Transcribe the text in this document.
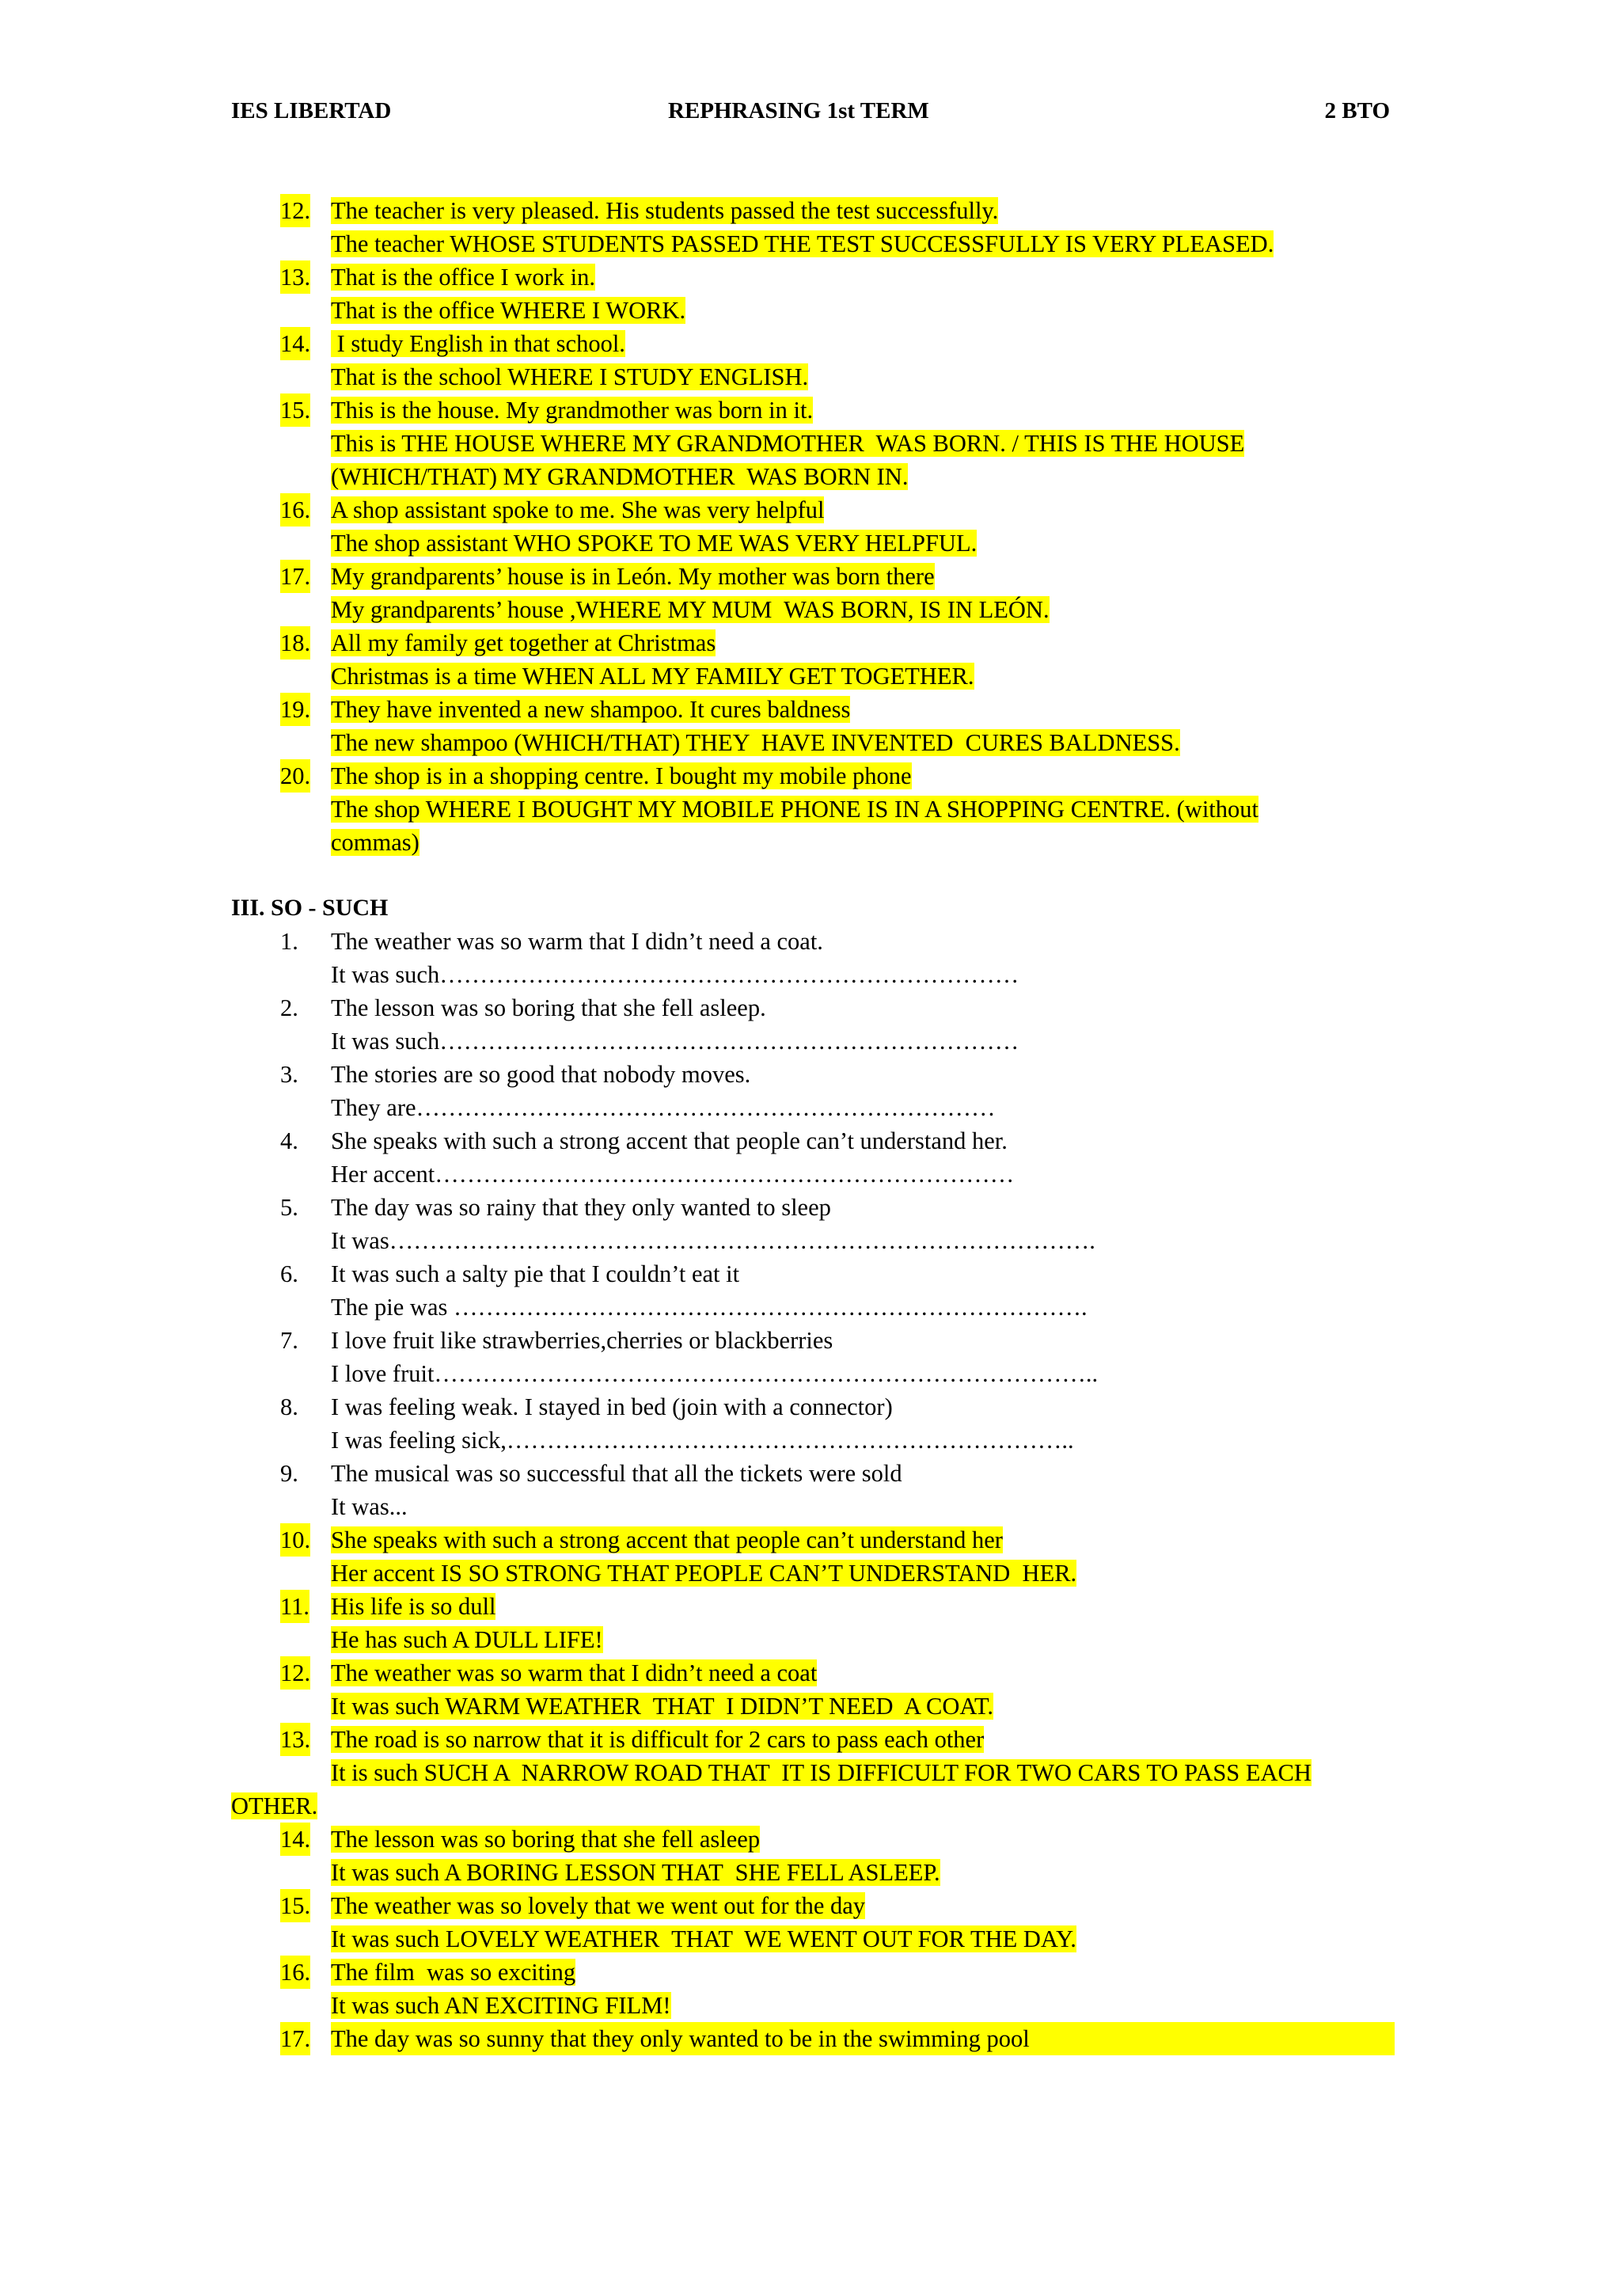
IES LIBERTAD	REPHRASING 1st TERM	2 BTO
12. The teacher is very pleased. His students passed the test successfully.
The teacher WHOSE STUDENTS PASSED THE TEST SUCCESSFULLY IS VERY PLEASED.
13. That is the office I work in.
That is the office WHERE I WORK.
14. I study English in that school.
That is the school WHERE I STUDY ENGLISH.
15. This is the house. My grandmother was born in it.
This is THE HOUSE WHERE MY GRANDMOTHER  WAS BORN. / THIS IS THE HOUSE
(WHICH/THAT) MY GRANDMOTHER  WAS BORN IN.
16. A shop assistant spoke to me. She was very helpful
The shop assistant WHO SPOKE TO ME WAS VERY HELPFUL.
17. My grandparents’ house is in León. My mother was born there
My grandparents’ house ,WHERE MY MUM  WAS BORN, IS IN LEÓN.
18. All my family get together at Christmas
Christmas is a time WHEN ALL MY FAMILY GET TOGETHER.
19. They have invented a new shampoo. It cures baldness
The new shampoo (WHICH/THAT) THEY  HAVE INVENTED  CURES BALDNESS.
20. The shop is in a shopping centre. I bought my mobile phone
The shop WHERE I BOUGHT MY MOBILE PHONE IS IN A SHOPPING CENTRE. (without
commas)

III. SO - SUCH

1. The weather was so warm that I didn’t need a coat.
It was such………………………………………………………………
2. The lesson was so boring that she fell asleep.
It was such………………………………………………………………
3. The stories are so good that nobody moves.
They are………………………………………………………………
4. She speaks with such a strong accent that people can’t understand her.
Her accent………………………………………………………………
5. The day was so rainy that they only wanted to sleep
It was…………………………………………………………………………….
6. It was such a salty pie that I couldn’t eat it
The pie was …………………………………………………………………….
7. I love fruit like strawberries,cherries or blackberries
I love fruit………………………………………………………………………..
8. I was feeling weak. I stayed in bed (join with a connector)
I was feeling sick,……………………………………………………………..
9. The musical was so successful that all the tickets were sold
It was...
10. She speaks with such a strong accent that people can’t understand her
Her accent IS SO STRONG THAT PEOPLE CAN’T UNDERSTAND  HER.
11. His life is so dull
He has such A DULL LIFE!
12. The weather was so warm that I didn’t need a coat
It was such WARM WEATHER  THAT  I DIDN’T NEED  A COAT.
13. The road is so narrow that it is difficult for 2 cars to pass each other
It is such SUCH A  NARROW ROAD THAT  IT IS DIFFICULT FOR TWO CARS TO PASS EACH
OTHER.
14. The lesson was so boring that she fell asleep
It was such A BORING LESSON THAT  SHE FELL ASLEEP.
15. The weather was so lovely that we went out for the day
It was such LOVELY WEATHER  THAT  WE WENT OUT FOR THE DAY.
16. The film  was so exciting
It was such AN EXCITING FILM!
17. The day was so sunny that they only wanted to be in the swimming pool
